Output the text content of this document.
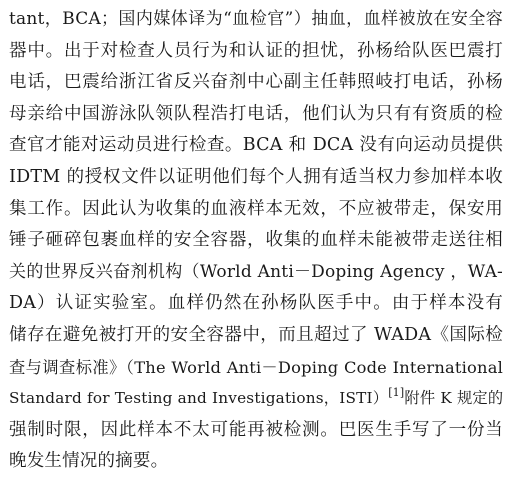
tant，BCA；国内媒体译为“血检官”）抽血，血样被放在安全容
器中。出于对检查人员行为和认证的担忧，孙杨给队医巴震打
电话，巴震给浙江省反兴奋剂中心副主任韩照岐打电话，孙杨
母亲给中国游泳队领队程浩打电话，他们认为只有有资质的检
查官才能对运动员进行检查。BCA 和 DCA 没有向运动员提供
IDTM 的授权文件以证明他们每个人拥有适当权力参加样本收
集工作。因此认为收集的血液样本无效，不应被带走，保安用
锤子砸碎包裹血样的安全容器，收集的血样未能被带走送往相
关的世界反兴奋剂机构（World Anti－Doping Agency ，WA-
DA）认证实验室。血样仍然在孙杨队医手中。由于样本没有
储存在避免被打开的安全容器中，而且超过了 WADA《国际检
查与调查标准》（The World Anti－Doping Code International
Standard for Testing and Investigations，ISTI）[1]附件 K 规定的
强制时限，因此样本不太可能再被检测。巴医生手写了一份当
晚发生情况的摘要。
